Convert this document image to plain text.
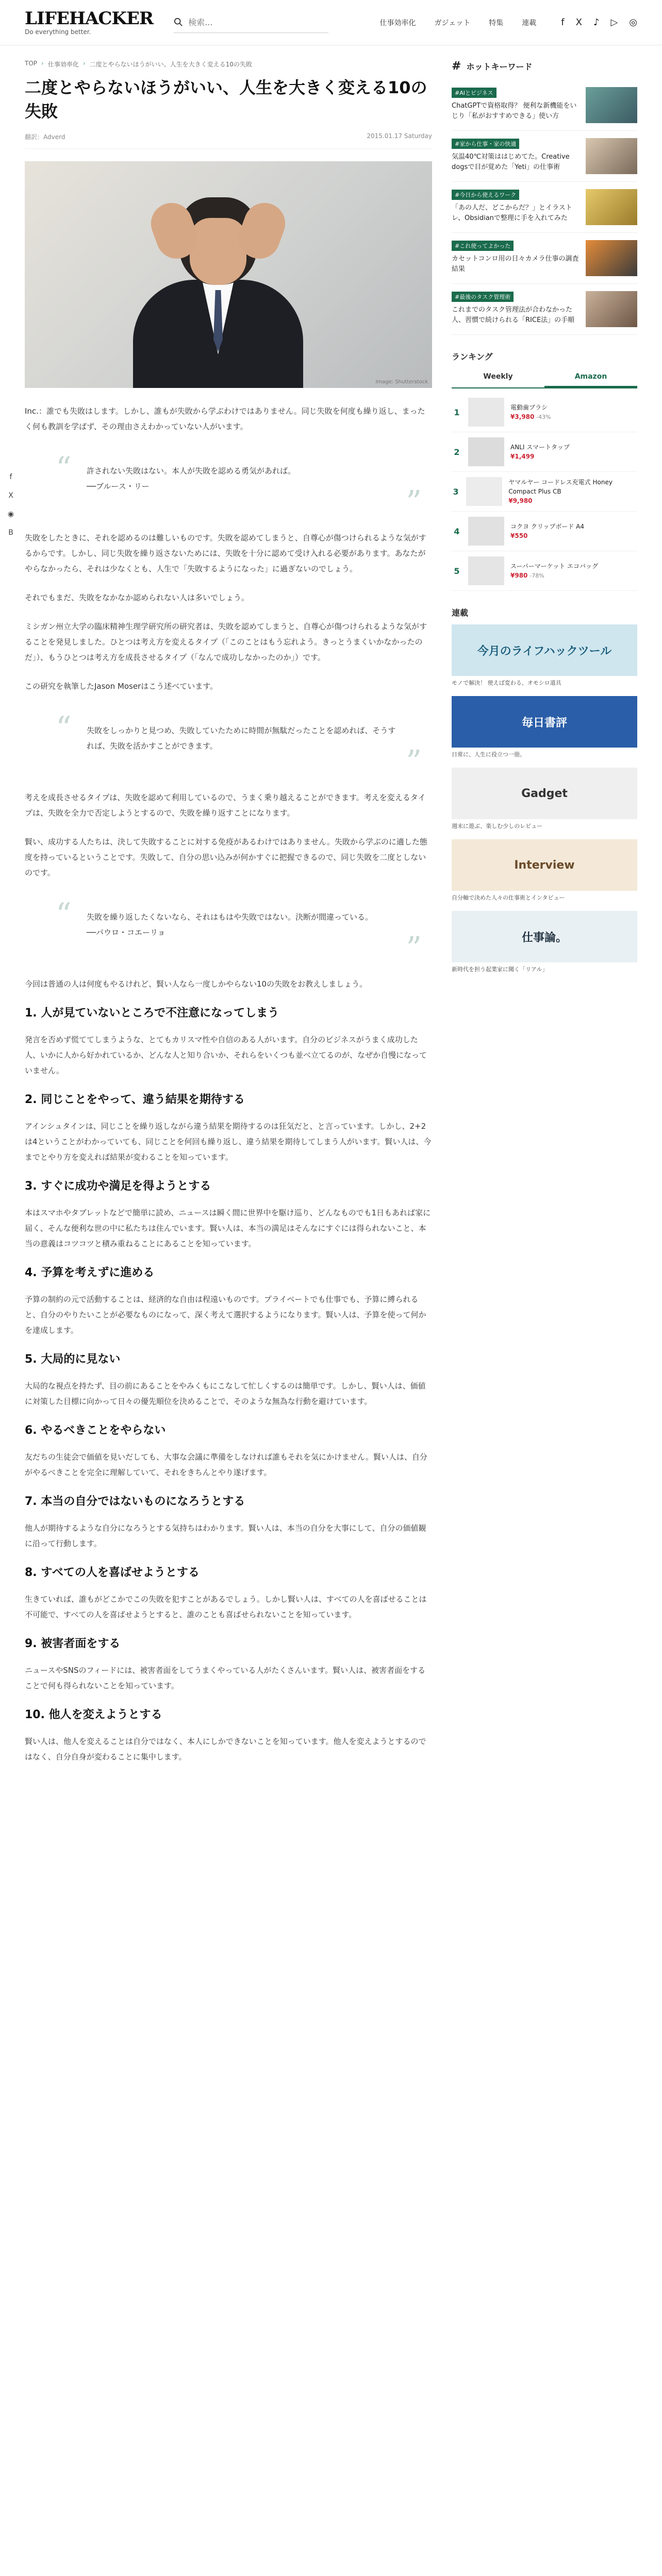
LIFEHACKER
Do everything better.
検索...
仕事効率化	ガジェット	特集	連載	f X ♪ ▷ ◎
f
X
◉
B
TOP › 仕事効率化 › 二度とやらないほうがいい、人生を大きく変える10の失敗
二度とやらないほうがいい、人生を大きく変える10の失敗
翻訳：Adverd	2015.01.17 Saturday
Image: Shutterstock

Inc.：誰でも失敗はします。しかし、誰もが失敗から学ぶわけではありません。同じ失敗を何度も繰り返し、まったく何も教訓を学ばず、その理由さえわかっていない人がいます。

“ 許されない失敗はない。本人が失敗を認める勇気があれば。
──ブルース・リー	”

失敗をしたときに、それを認めるのは難しいものです。失敗を認めてしまうと、自尊心が傷つけられるような気がするからです。しかし、同じ失敗を繰り返さないためには、失敗を十分に認めて受け入れる必要があります。あなたがやらなかったら、それは少なくとも、人生で「失敗するようになった」に過ぎないのでしょう。

それでもまだ、失敗をなかなか認められない人は多いでしょう。

ミシガン州立大学の臨床精神生理学研究所の研究者は、失敗を認めてしまうと、自尊心が傷つけられるような気がすることを発見しました。ひとつは考え方を変えるタイプ（「このことはもう忘れよう。きっとうまくいかなかったのだ」）、もうひとつは考え方を成長させるタイプ（「なんで成功しなかったのか」）です。

この研究を執筆したJason Moserはこう述べています。

“ 失敗をしっかりと見つめ、失敗していたために時間が無駄だったことを認めれば、そうすれば、失敗を活かすことができます。	”

考えを成長させるタイプは、失敗を認めて利用しているので、うまく乗り越えることができます。考えを変えるタイプは、失敗を全力で否定しようとするので、失敗を繰り返すことになります。

賢い、成功する人たちは、決して失敗することに対する免疫があるわけではありません。失敗から学ぶのに適した態度を持っているということです。失敗して、自分の思い込みが何かすぐに把握できるので、同じ失敗を二度としないのです。

“ 失敗を繰り返したくないなら、それはもはや失敗ではない。決断が間違っている。
──パウロ・コエーリョ	”

今回は普通の人は何度もやるけれど、賢い人なら一度しかやらない10の失敗をお教えしましょう。

1. 人が見ていないところで不注意になってしまう

発言を否めず慌ててしまうような、とてもカリスマ性や自信のある人がいます。自分のビジネスがうまく成功した人、いかに人から好かれているか、どんな人と知り合いか、それらをいくつも並べ立てるのが、なぜか自慢になっていません。

2. 同じことをやって、違う結果を期待する

アインシュタインは、同じことを繰り返しながら違う結果を期待するのは狂気だと、と言っています。しかし、2+2は4ということがわかっていても、同じことを何回も繰り返し、違う結果を期待してしまう人がいます。賢い人は、今までとやり方を変えれば結果が変わることを知っています。

3. すぐに成功や満足を得ようとする

本はスマホやタブレットなどで簡単に読め、ニュースは瞬く間に世界中を駆け巡り、どんなものでも1日もあれば家に届く、そんな便利な世の中に私たちは住んでいます。賢い人は、本当の満足はそんなにすぐには得られないこと、本当の意義はコツコツと積み重ねることにあることを知っています。

4. 予算を考えずに進める

予算の制約の元で活動することは、経済的な自由は程遠いものです。プライベートでも仕事でも、予算に縛られると、自分のやりたいことが必要なものになって、深く考えて選択するようになります。賢い人は、予算を使って何かを達成します。

5. 大局的に見ない

大局的な視点を持たず、目の前にあることをやみくもにこなして忙しくするのは簡単です。しかし、賢い人は、価値に対策した目標に向かって日々の優先順位を決めることで、そのような無為な行動を避けています。

6. やるべきことをやらない

友だちの生徒会で価値を見いだしても、大事な会議に準備をしなければ誰もそれを気にかけません。賢い人は、自分がやるべきことを完全に理解していて、それをきちんとやり遂げます。

7. 本当の自分ではないものになろうとする

他人が期待するような自分になろうとする気持ちはわかります。賢い人は、本当の自分を大事にして、自分の価値観に沿って行動します。

8. すべての人を喜ばせようとする

生きていれば、誰もがどこかでこの失敗を犯すことがあるでしょう。しかし賢い人は、すべての人を喜ばせることは不可能で、すべての人を喜ばせようとすると、誰のことも喜ばせられないことを知っています。

9. 被害者面をする

ニュースやSNSのフィードには、被害者面をしてうまくやっている人がたくさんいます。賢い人は、被害者面をすることで何も得られないことを知っています。

10. 他人を変えようとする

賢い人は、他人を変えることは自分ではなく、本人にしかできないことを知っています。他人を変えようとするのではなく、自分自身が変わることに集中します。

# ホットキーワード
#AIとビジネス
ChatGPTで資格取得？ 便利な新機能をいじり「私がおすすめできる」使い方
#家から仕事・家の快適
気温40℃対策ははじめてた。Creative dogsで目が覚めた「Yeti」の仕事術
#今日から使えるワーク
「あの人だ、どこからだ？」とイラストレ、Obsidianで整理に手を入れてみた
#これ使ってよかった
カセットコンロ用の日々カメラ仕事の調査結果
#最後のタスク管理術
これまでのタスク管理法が合わなかった人、習慣で続けられる「RICE法」の手順
ランキング
Weekly	Amazon
1	電動歯ブラシ
¥3,980 -43%
2	ANLI スマートタップ
¥1,499
3
ヤマルヤー コードレス充電式 Honey Compact Plus CB
¥9,980
4	コクヨ クリップボード A4
¥550
5	スーパーマーケット エコバッグ
¥980 -78%
連載
今月のライフハックツール
モノで解決！ 使えば変わる、オモシロ道具
毎日書評
日常に、人生に役立つ一冊。
Gadget
週末に遊ぶ、楽しむ少しのレビュー
Interview
自分軸で決めた人々の仕事術とインタビュー
仕事論。
新時代を担う起業家に聞く「リアル」
